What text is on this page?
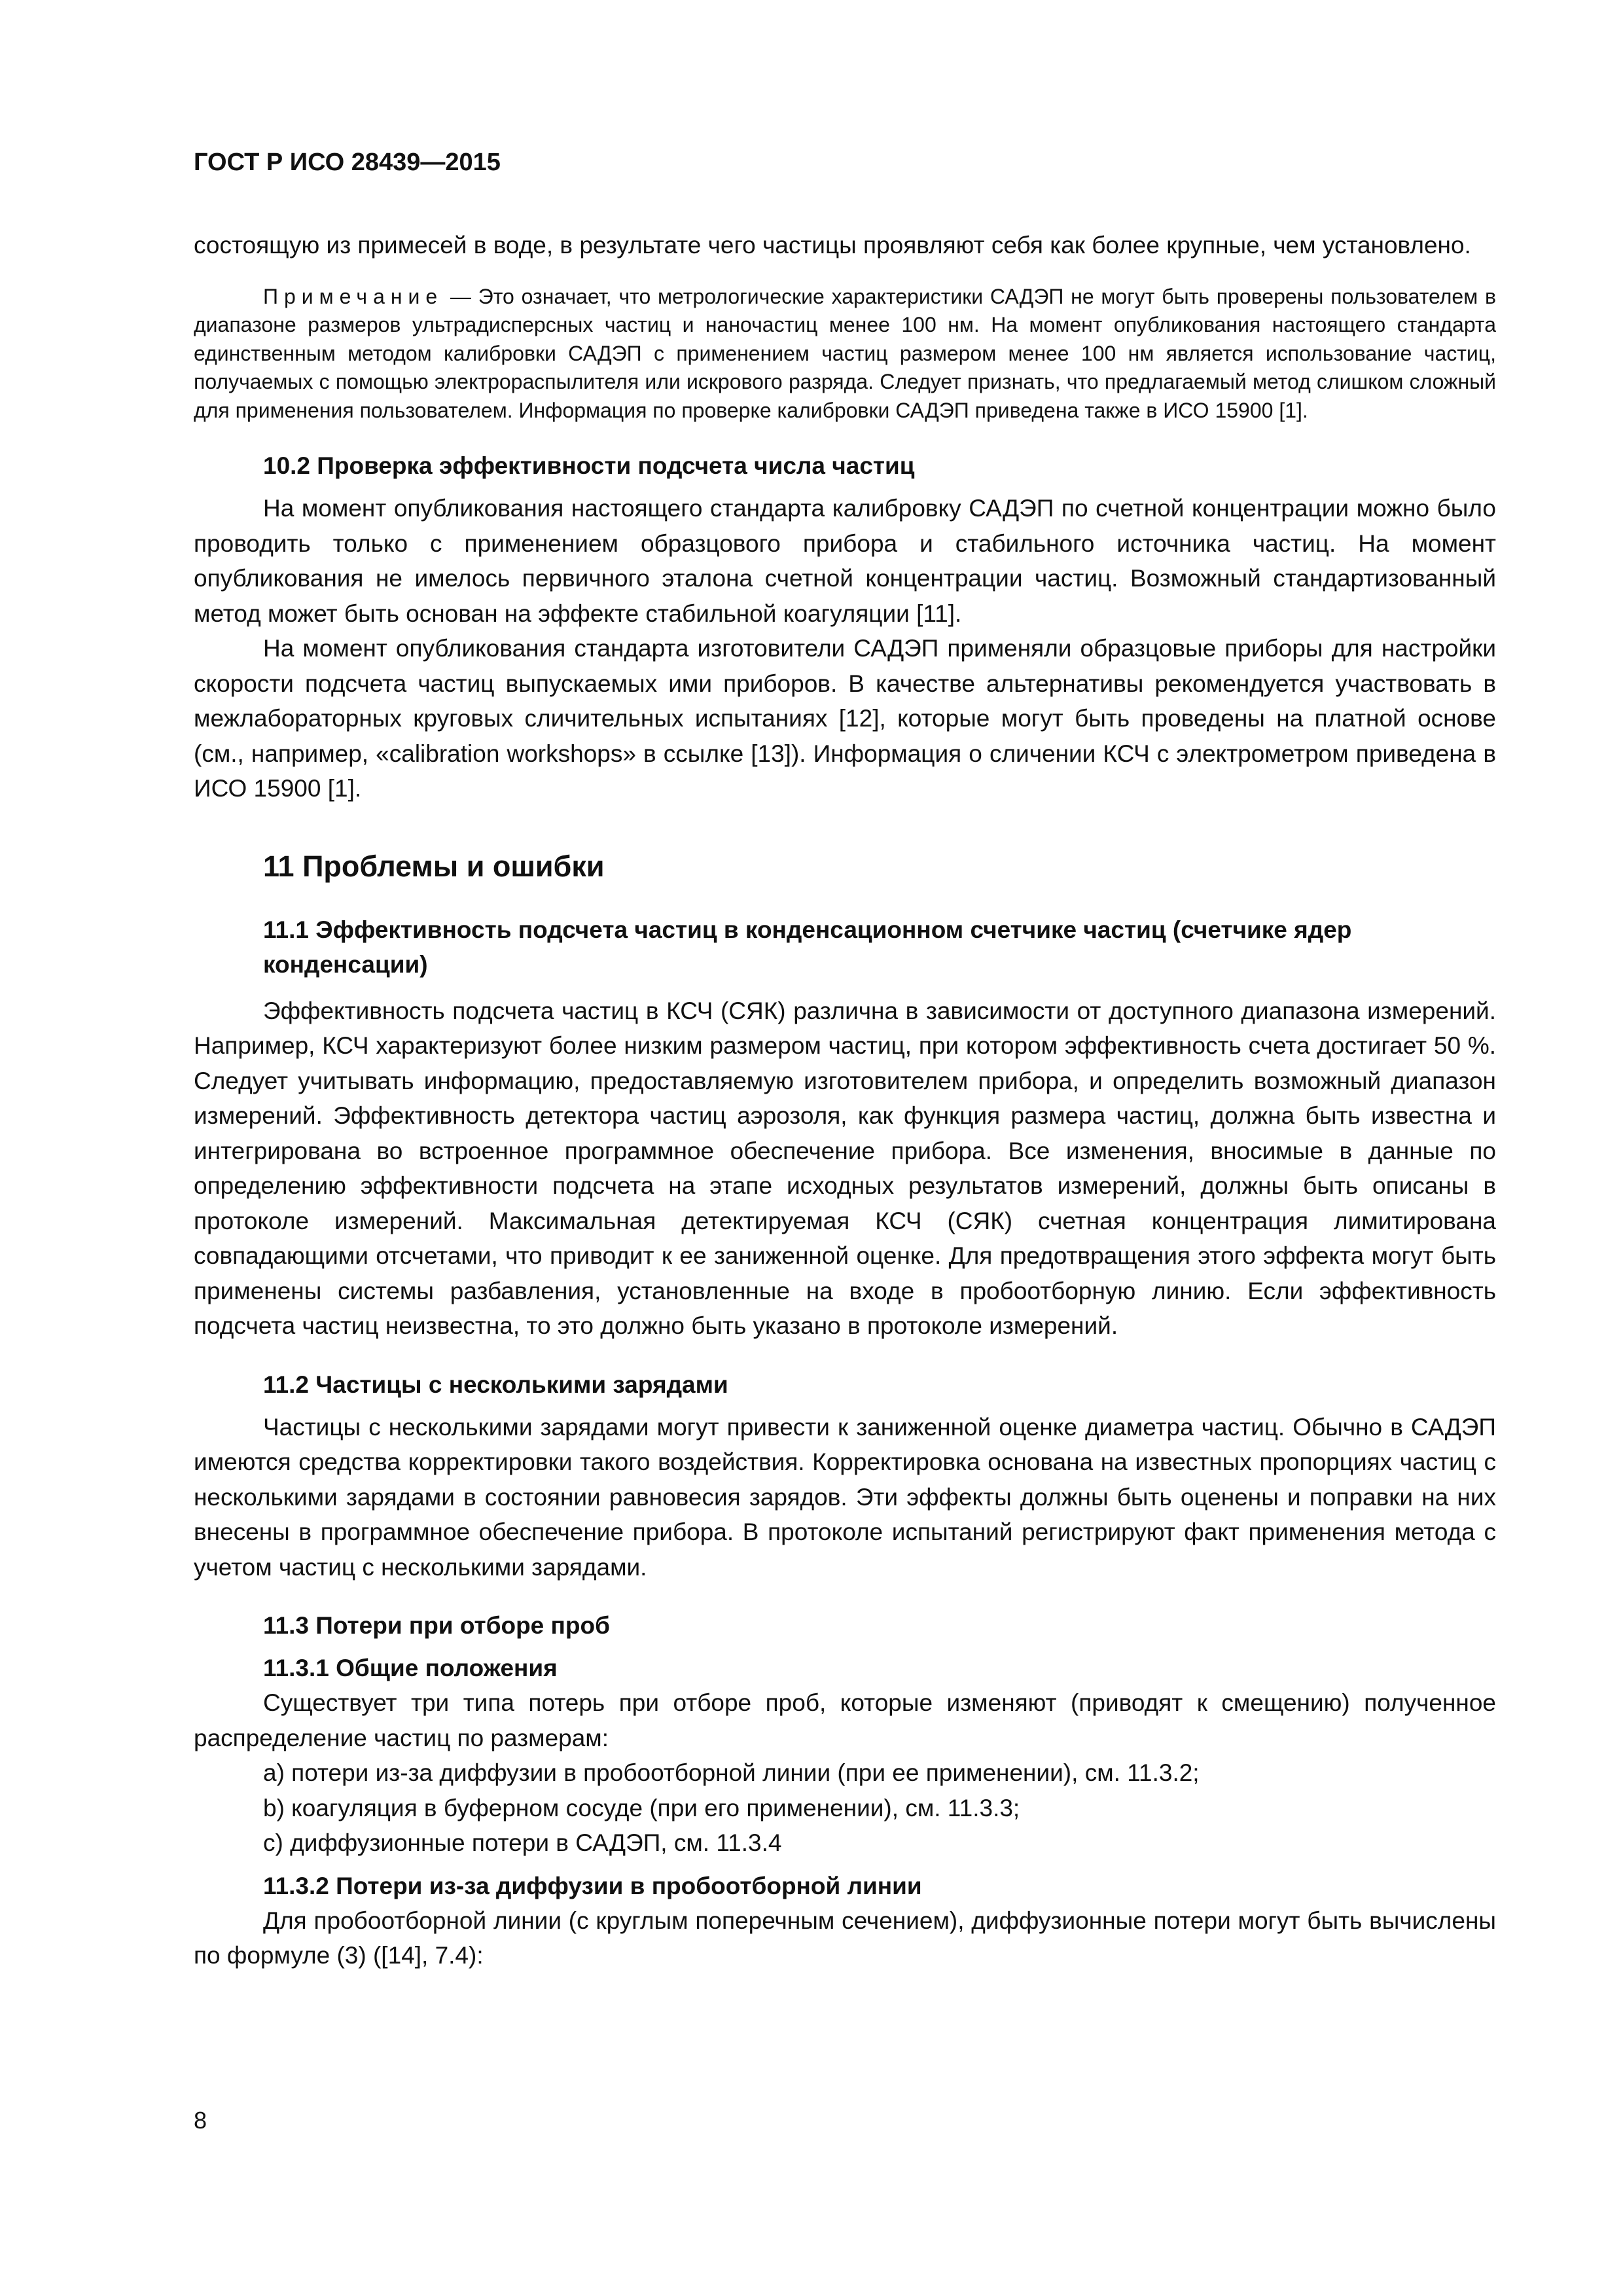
ГОСТ Р ИСО 28439—2015

состоящую из примесей в воде, в результате чего частицы проявляют себя как более крупные, чем установлено.

Примечание — Это означает, что метрологические характеристики САДЭП не могут быть проверены пользователем в диапазоне размеров ультрадисперсных частиц и наночастиц менее 100 нм. На момент опубликования настоящего стандарта единственным методом калибровки САДЭП с применением частиц размером менее 100 нм является использование частиц, получаемых с помощью электрораспылителя или искрового разряда. Следует признать, что предлагаемый метод слишком сложный для применения пользователем. Информация по проверке калибровки САДЭП приведена также в ИСО 15900 [1].

10.2 Проверка эффективности подсчета числа частиц

На момент опубликования настоящего стандарта калибровку САДЭП по счетной концентрации можно было проводить только с применением образцового прибора и стабильного источника частиц. На момент опубликования не имелось первичного эталона счетной концентрации частиц. Возможный стандартизованный метод может быть основан на эффекте стабильной коагуляции [11].

На момент опубликования стандарта изготовители САДЭП применяли образцовые приборы для настройки скорости подсчета частиц выпускаемых ими приборов. В качестве альтернативы рекомендуется участвовать в межлабораторных круговых сличительных испытаниях [12], которые могут быть проведены на платной основе (см., например, «calibration workshops» в ссылке [13]). Информация о сличении КСЧ с электрометром приведена в ИСО 15900 [1].

11 Проблемы и ошибки
11.1 Эффективность подсчета частиц в конденсационном счетчике частиц (счетчике ядер конденсации)

Эффективность подсчета частиц в КСЧ (СЯК) различна в зависимости от доступного диапазона измерений. Например, КСЧ характеризуют более низким размером частиц, при котором эффективность счета достигает 50 %. Следует учитывать информацию, предоставляемую изготовителем прибора, и определить возможный диапазон измерений. Эффективность детектора частиц аэрозоля, как функция размера частиц, должна быть известна и интегрирована во встроенное программное обеспечение прибора. Все изменения, вносимые в данные по определению эффективности подсчета на этапе исходных результатов измерений, должны быть описаны в протоколе измерений. Максимальная детектируемая КСЧ (СЯК) счетная концентрация лимитирована совпадающими отсчетами, что приводит к ее заниженной оценке. Для предотвращения этого эффекта могут быть применены системы разбавления, установленные на входе в пробоотборную линию. Если эффективность подсчета частиц неизвестна, то это должно быть указано в протоколе измерений.

11.2 Частицы с несколькими зарядами

Частицы с несколькими зарядами могут привести к заниженной оценке диаметра частиц. Обычно в САДЭП имеются средства корректировки такого воздействия. Корректировка основана на известных пропорциях частиц с несколькими зарядами в состоянии равновесия зарядов. Эти эффекты должны быть оценены и поправки на них внесены в программное обеспечение прибора. В протоколе испытаний регистрируют факт применения метода с учетом частиц с несколькими зарядами.

11.3 Потери при отборе проб
11.3.1 Общие положения

Существует три типа потерь при отборе проб, которые изменяют (приводят к смещению) полученное распределение частиц по размерам:

a) потери из-за диффузии в пробоотборной линии (при ее применении), см. 11.3.2;
b) коагуляция в буферном сосуде (при его применении), см. 11.3.3;
c) диффузионные потери в САДЭП, см. 11.3.4
11.3.2 Потери из-за диффузии в пробоотборной линии

Для пробоотборной линии (с круглым поперечным сечением), диффузионные потери могут быть вычислены по формуле (3) ([14], 7.4):

8
